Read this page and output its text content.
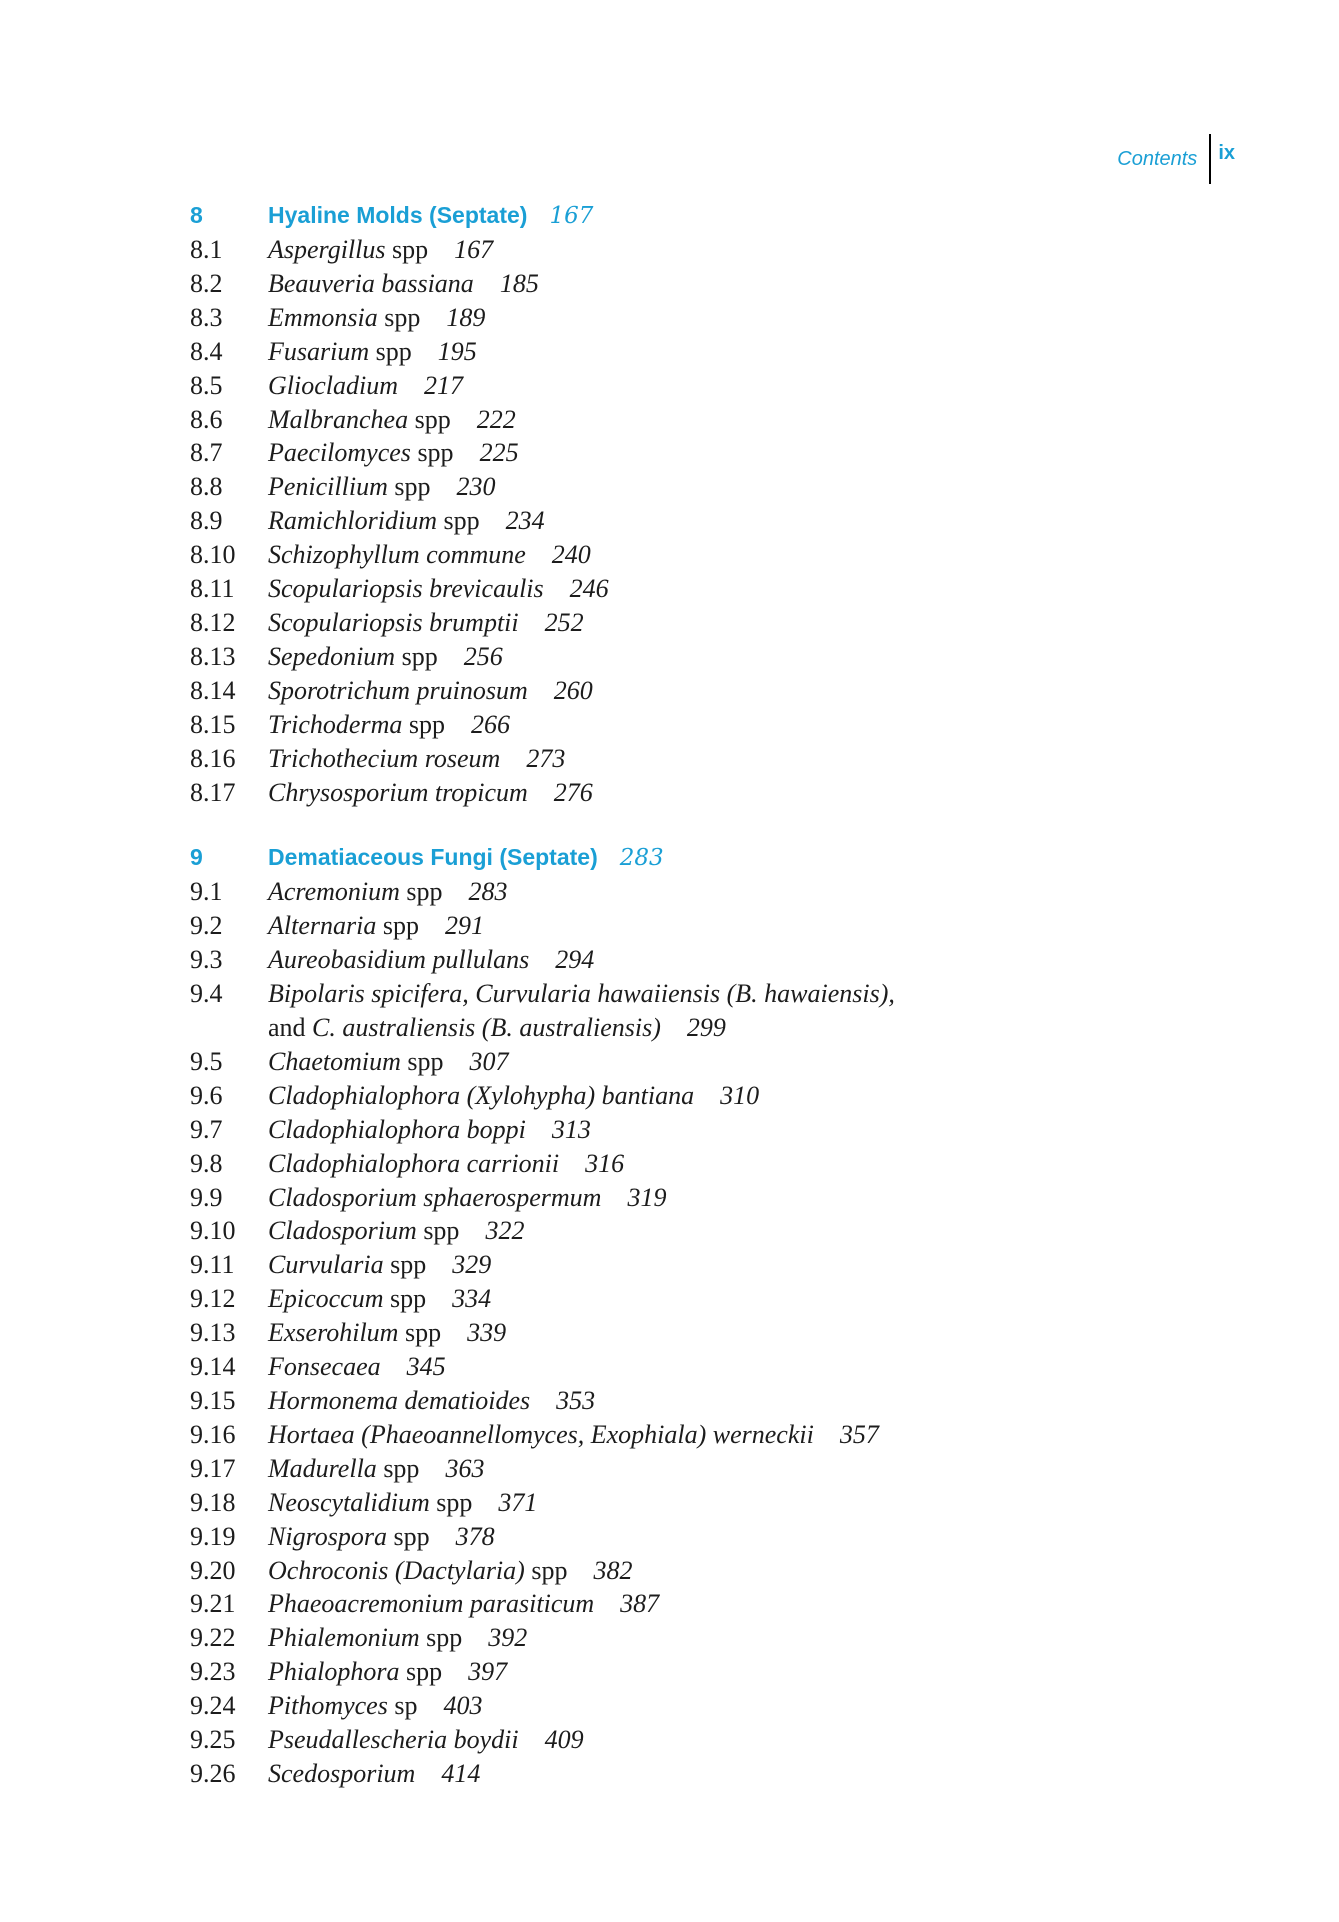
Contents	ix
8	Hyaline Molds (Septate) 167
8.1 Aspergillus spp 167
8.2 Beauveria bassiana 185
8.3 Emmonsia spp 189
8.4 Fusarium spp 195
8.5 Gliocladium 217
8.6 Malbranchea spp 222
8.7 Paecilomyces spp 225
8.8 Penicillium spp 230
8.9 Ramichloridium spp 234
8.10 Schizophyllum commune 240
8.11 Scopulariopsis brevicaulis 246
8.12 Scopulariopsis brumptii 252
8.13 Sepedonium spp 256
8.14 Sporotrichum pruinosum 260
8.15 Trichoderma spp 266
8.16 Trichothecium roseum 273
8.17 Chrysosporium tropicum 276
9	Dematiaceous Fungi (Septate) 283
9.1 Acremonium spp 283
9.2 Alternaria spp 291
9.3 Aureobasidium pullulans 294
9.4 Bipolaris spicifera, Curvularia hawaiiensis (B. hawaiensis),
and C. australiensis (B. australiensis) 299
9.5 Chaetomium spp 307
9.6 Cladophialophora (Xylohypha) bantiana 310
9.7 Cladophialophora boppi 313
9.8 Cladophialophora carrionii 316
9.9 Cladosporium sphaerospermum 319
9.10 Cladosporium spp 322
9.11 Curvularia spp 329
9.12 Epicoccum spp 334
9.13 Exserohilum spp 339
9.14 Fonsecaea 345
9.15 Hormonema dematioides 353
9.16 Hortaea (Phaeoannellomyces, Exophiala) werneckii 357
9.17 Madurella spp 363
9.18 Neoscytalidium spp 371
9.19 Nigrospora spp 378
9.20 Ochroconis (Dactylaria) spp 382
9.21 Phaeoacremonium parasiticum 387
9.22 Phialemonium spp 392
9.23 Phialophora spp 397
9.24 Pithomyces sp 403
9.25 Pseudallescheria boydii 409
9.26 Scedosporium 414
